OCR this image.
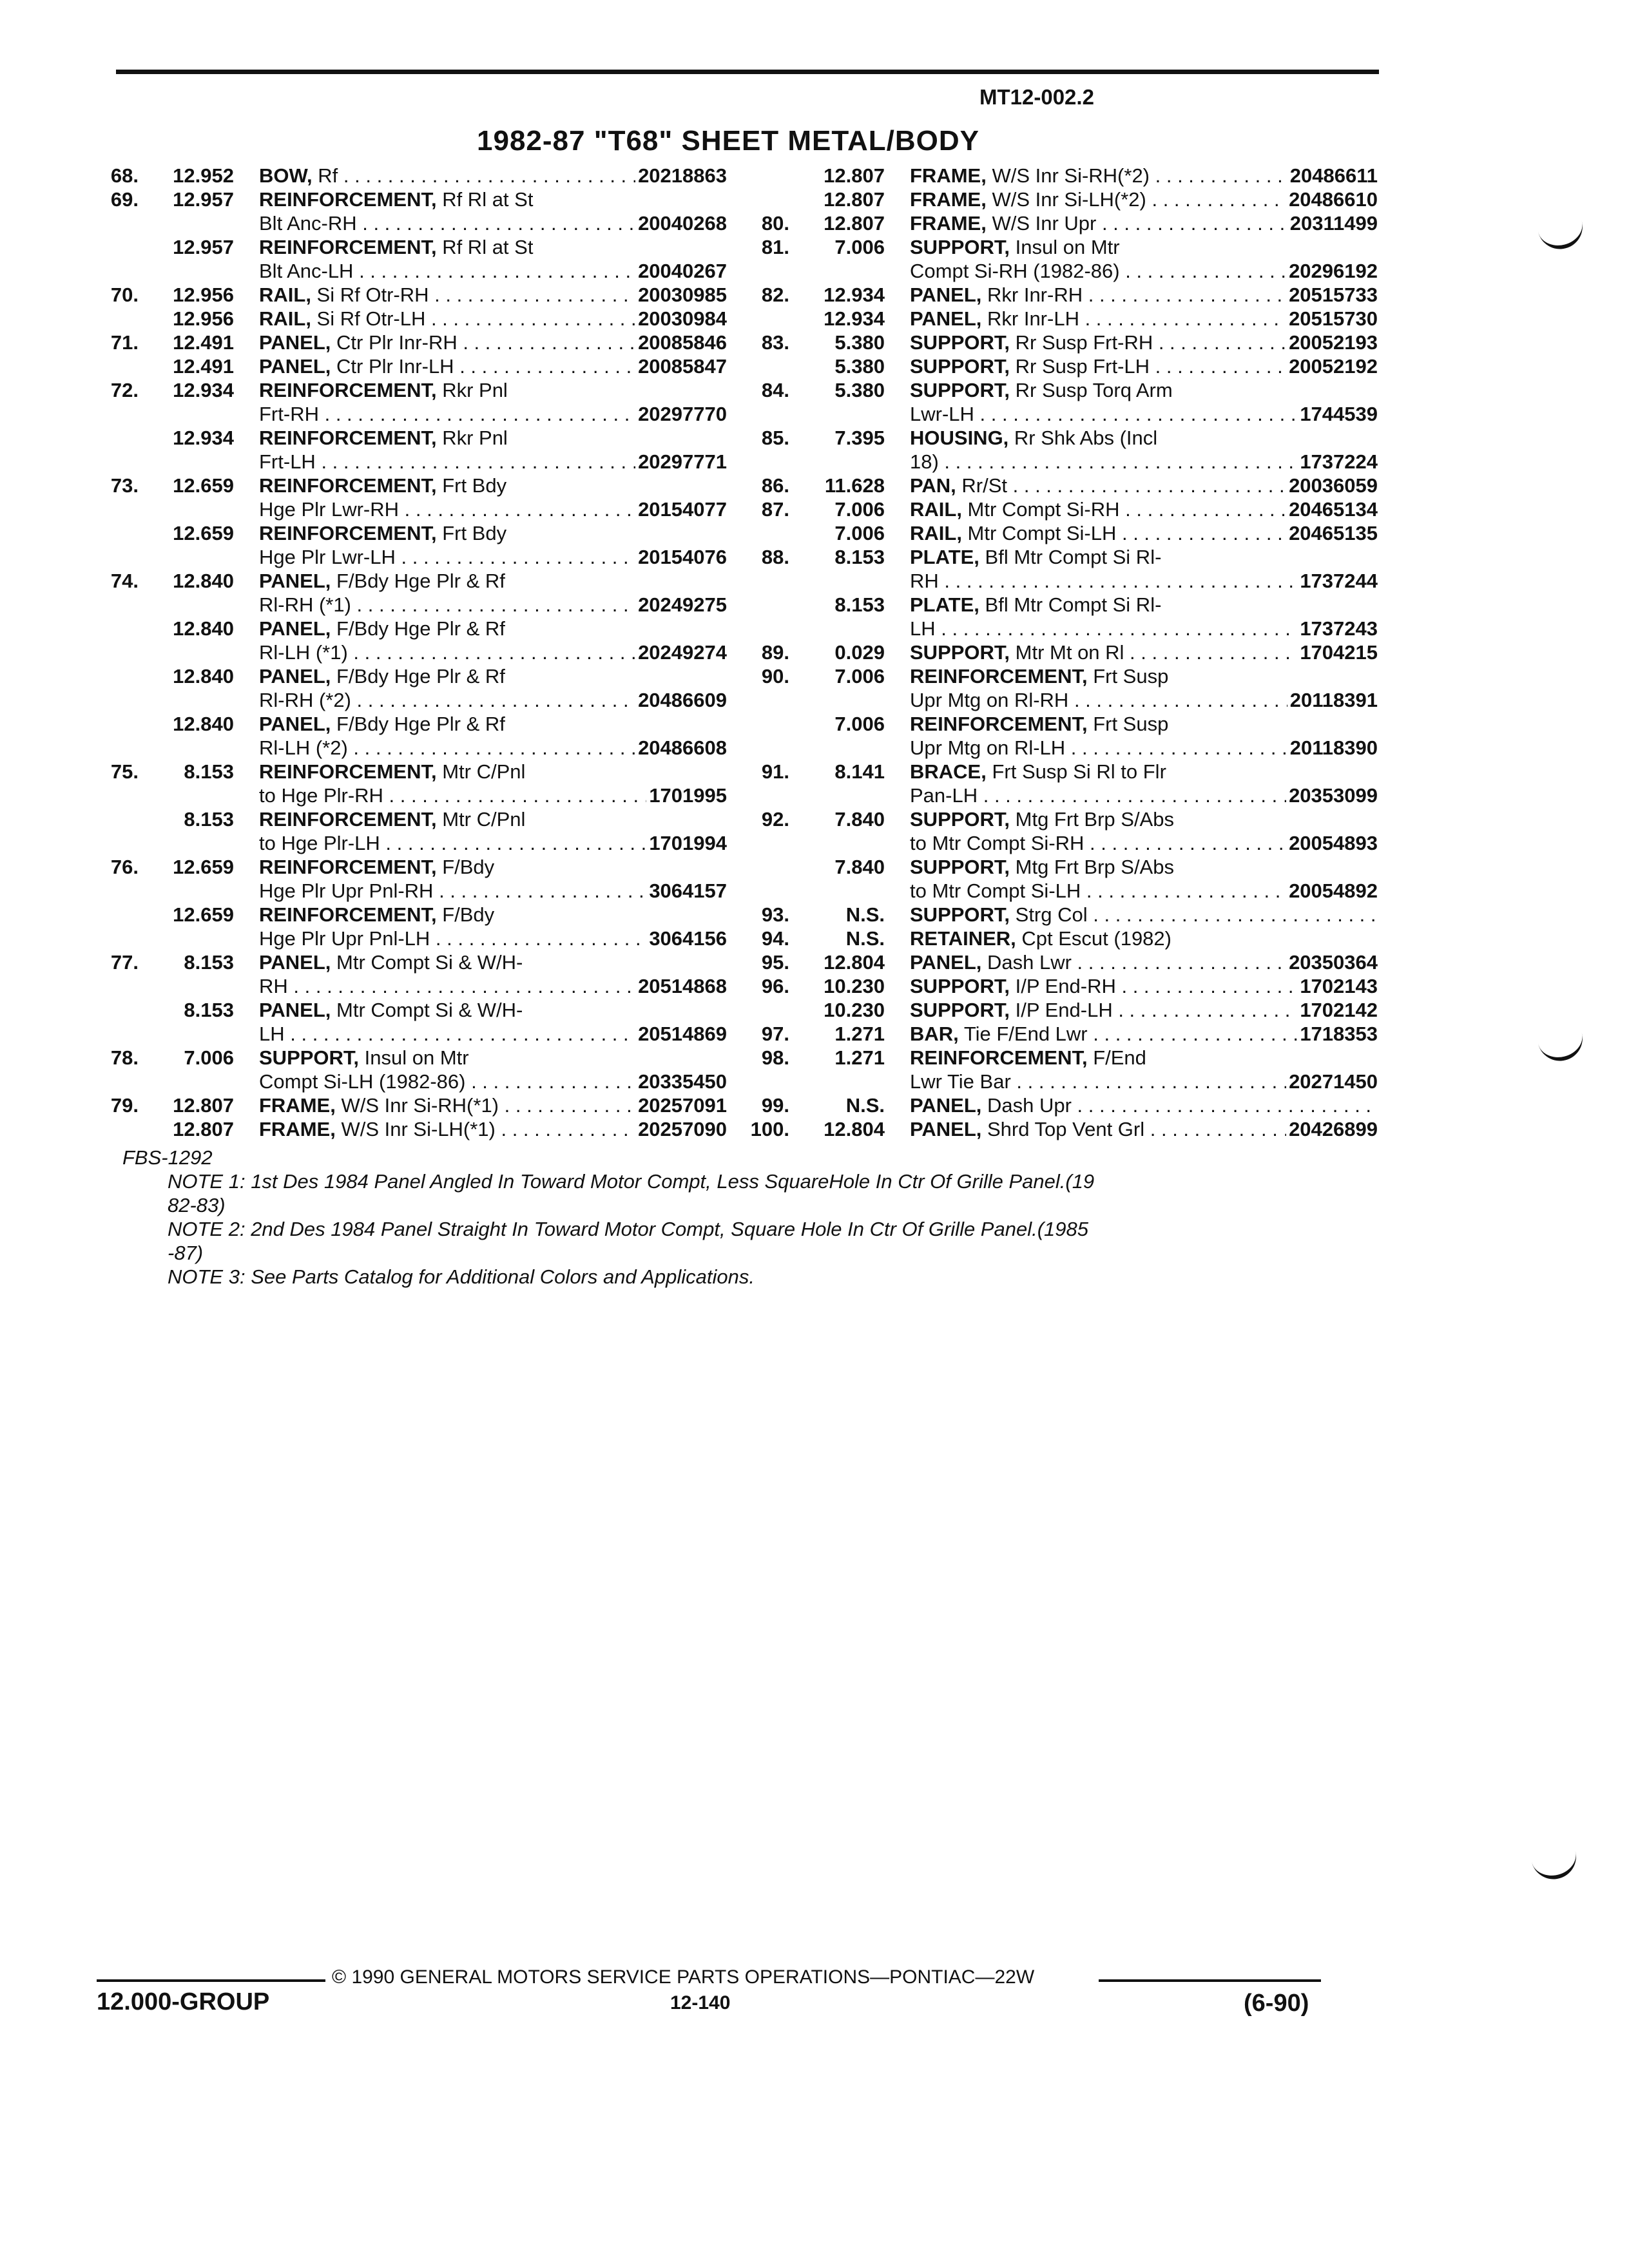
MT12-002.2
1982-87 "T68" SHEET METAL/BODY
68.	12.952 BOW, Rf	20218863
. . .
69.	12.957 REINFORCEMENT, Rf Rl at St
Blt Anc-RH	20040268
. . .
12.957 REINFORCEMENT, Rf Rl at St
Blt Anc-LH	20040267
. . .
70.	12.956 RAIL, Si Rf Otr-RH	20030985
. . .
12.956 RAIL, Si Rf Otr-LH	20030984
. . .
71.	12.491 PANEL, Ctr Plr Inr-RH	20085846
. . .
12.491 PANEL, Ctr Plr Inr-LH	20085847
. . .
72.	12.934 REINFORCEMENT, Rkr Pnl
Frt-RH	20297770
. . .
12.934 REINFORCEMENT, Rkr Pnl
Frt-LH	20297771
. . .
73.	12.659 REINFORCEMENT, Frt Bdy
Hge Plr Lwr-RH	20154077
. . .
12.659 REINFORCEMENT, Frt Bdy
Hge Plr Lwr-LH	20154076
. . .
74.	12.840 PANEL, F/Bdy Hge Plr & Rf
Rl-RH (*1)	20249275
. . .
12.840 PANEL, F/Bdy Hge Plr & Rf
Rl-LH (*1)	20249274
. . .
12.840 PANEL, F/Bdy Hge Plr & Rf
Rl-RH (*2)	20486609
. . .
12.840 PANEL, F/Bdy Hge Plr & Rf
Rl-LH (*2)	20486608
. . .
75.	8.153 REINFORCEMENT, Mtr C/Pnl
to Hge Plr-RH	1701995
. . .
8.153 REINFORCEMENT, Mtr C/Pnl
to Hge Plr-LH	1701994
. . .
76.	12.659 REINFORCEMENT, F/Bdy
Hge Plr Upr Pnl-RH	3064157
. . .
12.659 REINFORCEMENT, F/Bdy
Hge Plr Upr Pnl-LH	3064156
. . .
77.	8.153 PANEL, Mtr Compt Si & W/H-
RH	20514868
. . .
8.153 PANEL, Mtr Compt Si & W/H-
LH	20514869
. . .
78.	7.006 SUPPORT, Insul on Mtr
Compt Si-LH (1982-86)	20335450
. . .
79.	12.807 FRAME, W/S Inr Si-RH(*1)	20257091
. . .
12.807 FRAME, W/S Inr Si-LH(*1)	20257090
. . .
12.807 FRAME, W/S Inr Si-RH(*2)	20486611
. . .
12.807 FRAME, W/S Inr Si-LH(*2)	20486610
. . .
80.	12.807 FRAME, W/S Inr Upr	20311499
. . .
81.	7.006 SUPPORT, Insul on Mtr
Compt Si-RH (1982-86)	20296192
. . .
82.	12.934 PANEL, Rkr Inr-RH	20515733
. . .
12.934 PANEL, Rkr Inr-LH	20515730
. . .
83.	5.380 SUPPORT, Rr Susp Frt-RH	20052193
. . .
5.380 SUPPORT, Rr Susp Frt-LH	20052192
. . .
84.	5.380 SUPPORT, Rr Susp Torq Arm
Lwr-LH	1744539
. . .
85.	7.395 HOUSING, Rr Shk Abs (Incl
18)	1737224
. . .
86.	11.628 PAN, Rr/St	20036059
. . .
87.	7.006 RAIL, Mtr Compt Si-RH	20465134
. . .
7.006 RAIL, Mtr Compt Si-LH	20465135
. . .
88.	8.153 PLATE, Bfl Mtr Compt Si Rl-
RH	1737244
. . .
8.153 PLATE, Bfl Mtr Compt Si Rl-
LH	1737243
. . .
89.	0.029 SUPPORT, Mtr Mt on Rl	1704215
. . .
90.	7.006 REINFORCEMENT, Frt Susp
Upr Mtg on Rl-RH	20118391
. . .
7.006 REINFORCEMENT, Frt Susp
Upr Mtg on Rl-LH	20118390
. . .
91.	8.141 BRACE, Frt Susp Si Rl to Flr
Pan-LH	20353099
. . .
92.	7.840 SUPPORT, Mtg Frt Brp S/Abs
to Mtr Compt Si-RH	20054893
. . .
7.840 SUPPORT, Mtg Frt Brp S/Abs
to Mtr Compt Si-LH	20054892
. . .
93.	N.S. SUPPORT, Strg Col . . .
94.	N.S. RETAINER, Cpt Escut (1982)
95.	12.804 PANEL, Dash Lwr	20350364
. . .
96.	10.230 SUPPORT, I/P End-RH	1702143
. . .
10.230 SUPPORT, I/P End-LH	1702142
. . .
97.	1.271 BAR, Tie F/End Lwr	1718353
. . .
98.	1.271 REINFORCEMENT, F/End
Lwr Tie Bar	20271450
. . .
99.	N.S. PANEL, Dash Upr . . .
100.	12.804 PANEL, Shrd Top Vent Grl	20426899
. . .

FBS-1292

NOTE 1: 1st Des 1984 Panel Angled In Toward Motor Compt, Less SquareHole In Ctr Of Grille Panel.(19

82-83)

NOTE 2: 2nd Des 1984 Panel Straight In Toward Motor Compt, Square Hole In Ctr Of Grille Panel.(1985

-87)

NOTE 3: See Parts Catalog for Additional Colors and Applications.

© 1990 GENERAL MOTORS SERVICE PARTS OPERATIONS—PONTIAC—22W
12.000-GROUP	12-140	(6-90)
